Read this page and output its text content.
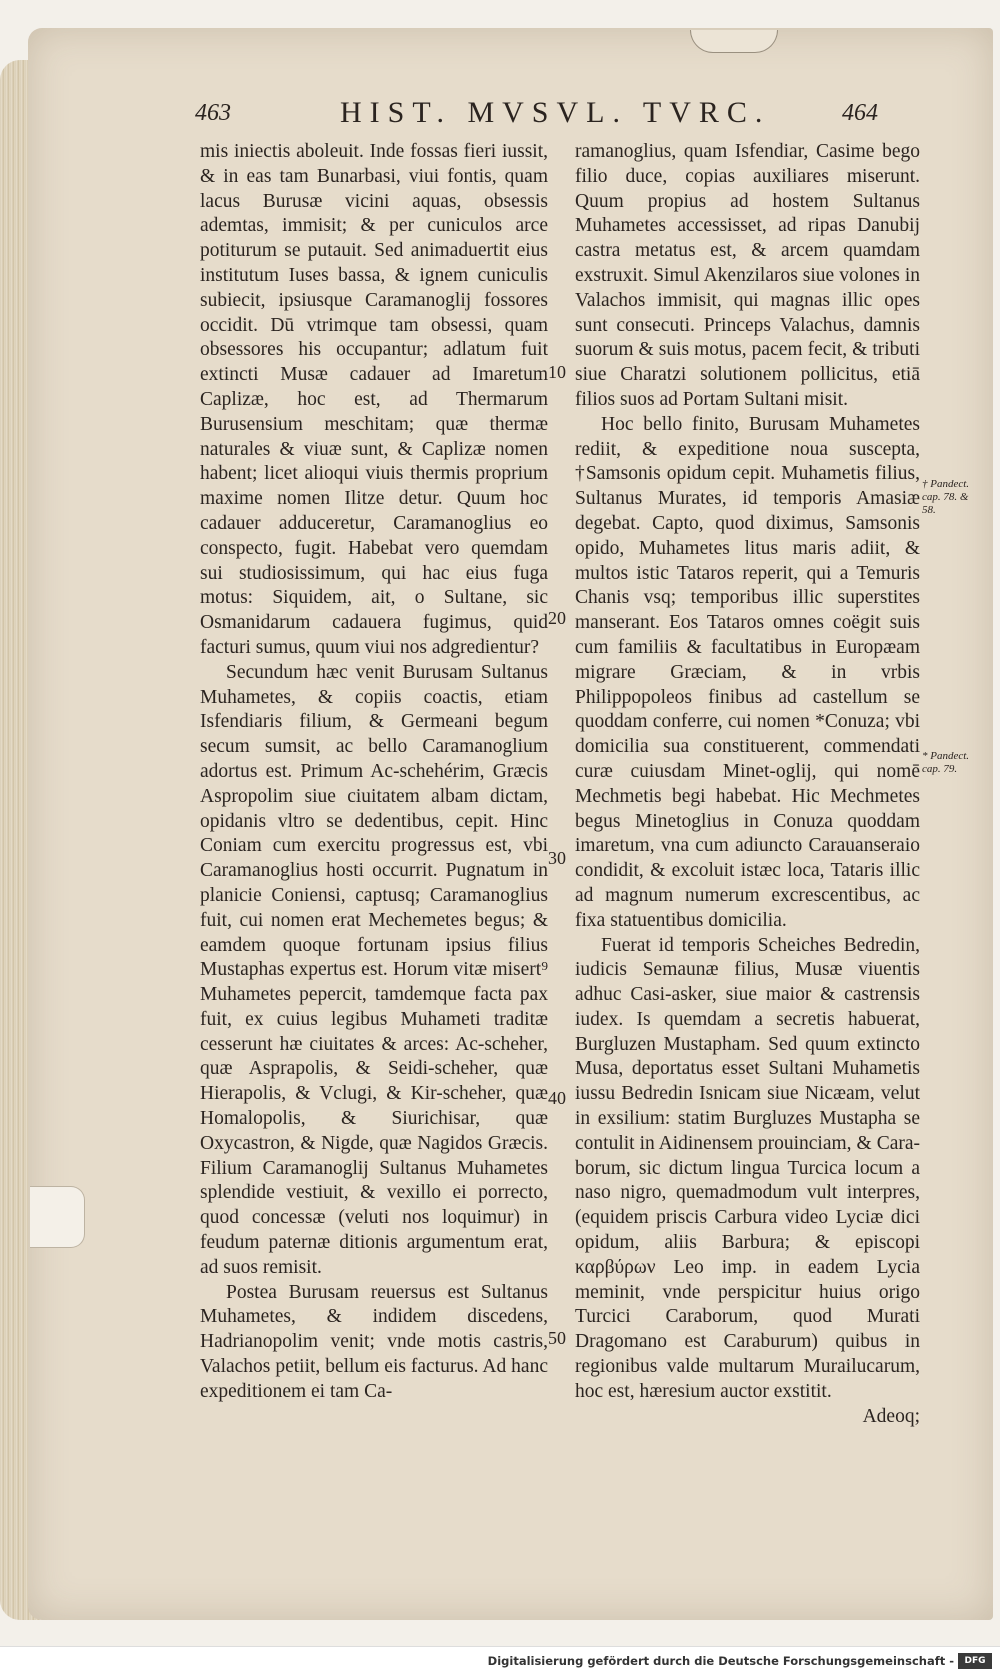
463	HIST. MVSVL. TVRC.	464

mis iniectis aboleuit. Inde fossas fieri iussit, & in eas tam Bunarbasi, viui fontis, quam lacus Burusæ vicini aquas, obsessis ademtas, immisit; & per cuniculos arce potiturum se putauit. Sed animaduertit eius institutum Iuses bassa, & ignem cuniculis subiecit, ipsiusque Caramanoglij fossores occidit. Dū vtrimque tam obsessi, quam obsessores his occupantur; adlatum fuit extincti Musæ cadauer ad Imaretum Caplizæ, hoc est, ad Thermarum Burusensium meschitam; quæ thermæ naturales & viuæ sunt, & Caplizæ nomen habent; licet alioqui viuis thermis proprium maxime nomen Ilitze detur. Quum hoc cadauer adduceretur, Caramanoglius eo conspecto, fugit. Habebat vero quemdam sui studiosissimum, qui hac eius fuga motus: Siquidem, ait, o Sultane, sic Osmanidarum cadauera fugimus, quid facturi sumus, quum viui nos adgredientur?

Secundum hæc venit Burusam Sultanus Muhametes, & copiis coactis, etiam Isfendiaris filium, & Germeani begum secum sumsit, ac bello Caramanoglium adortus est. Primum Ac-schehérim, Græcis Aspropolim siue ciuitatem albam dictam, opidanis vltro se dedentibus, cepit. Hinc Coniam cum exercitu progressus est, vbi Caramanoglius hosti occurrit. Pugnatum in planicie Coniensi, captusq; Caramanoglius fuit, cui nomen erat Mechemetes begus; & eamdem quoque fortunam ipsius filius Mustaphas expertus est. Horum vitæ misert⁹ Muhametes pepercit, tamdemque facta pax fuit, ex cuius legibus Muhameti traditæ cesserunt hæ ciuitates & arces: Ac-scheher, quæ Asprapolis, & Seidi-scheher, quæ Hierapolis, & Vclugi, & Kir-scheher, quæ Homalopolis, & Siurichisar, quæ Oxycastron, & Nigde, quæ Nagidos Græcis. Filium Caramanoglij Sultanus Muhametes splendide vestiuit, & vexillo ei porrecto, quod concessæ (veluti nos loquimur) in feudum paternæ ditionis argumentum erat, ad suos remisit.

Postea Burusam reuersus est Sultanus Muhametes, & indidem discedens, Hadrianopolim venit; vnde motis castris, Valachos petiit, bellum eis facturus. Ad hanc expeditionem ei tam Ca-

ramanoglius, quam Isfendiar, Casime bego filio duce, copias auxiliares miserunt. Quum propius ad hostem Sultanus Muhametes accessisset, ad ripas Danubij castra metatus est, & arcem quamdam exstruxit. Simul Akenzilaros siue volones in Valachos immisit, qui magnas illic opes sunt consecuti. Princeps Valachus, damnis suorum & suis motus, pacem fecit, & tributi siue Charatzi solutionem pollicitus, etiā filios suos ad Portam Sultani misit.

Hoc bello finito, Burusam Muhametes rediit, & expeditione noua suscepta, †Samsonis opidum cepit. Muhametis filius, Sultanus Murates, id temporis Amasiæ degebat. Capto, quod diximus, Samsonis opido, Muhametes litus maris adiit, & multos istic Tataros reperit, qui a Temuris Chanis vsq; temporibus illic superstites manserant. Eos Tataros omnes coëgit suis cum familiis & facultatibus in Europæam migrare Græciam, & in vrbis Philippopoleos finibus ad castellum se quoddam conferre, cui nomen *Conuza; vbi domicilia sua constituerent, commendati curæ cuiusdam Minet-oglij, qui nomē Mechmetis begi habebat. Hic Mechmetes begus Minetoglius in Conuza quoddam imaretum, vna cum adiuncto Carauanseraio condidit, & excoluit istæc loca, Tataris illic ad magnum numerum excrescentibus, ac fixa statuentibus domicilia.

Fuerat id temporis Scheiches Bedredin, iudicis Semaunæ filius, Musæ viuentis adhuc Casi-asker, siue maior & castrensis iudex. Is quemdam a secretis habuerat, Burgluzen Mustapham. Sed quum extincto Musa, deportatus esset Sultani Muhametis iussu Bedredin Isnicam siue Nicæam, velut in exsilium: statim Burgluzes Mustapha se contulit in Aidinensem prouinciam, & Cara-borum, sic dictum lingua Turcica locum a naso nigro, quemadmodum vult interpres, (equidem priscis Carbura video Lyciæ dici opidum, aliis Barbura; & episcopi καρβύρων Leo imp. in eadem Lycia meminit, vnde perspicitur huius origo Turcici Caraborum, quod Murati Dragomano est Caraburum) quibus in regionibus valde multarum Murailucarum, hoc est, hæresium auctor exstitit.

Adeoq;
10
20
30
40
50
† Pandect. cap. 78. & 58.
* Pandect. cap. 79.
Digitalisierung gefördert durch die Deutsche Forschungsgemeinschaft -	DFG
